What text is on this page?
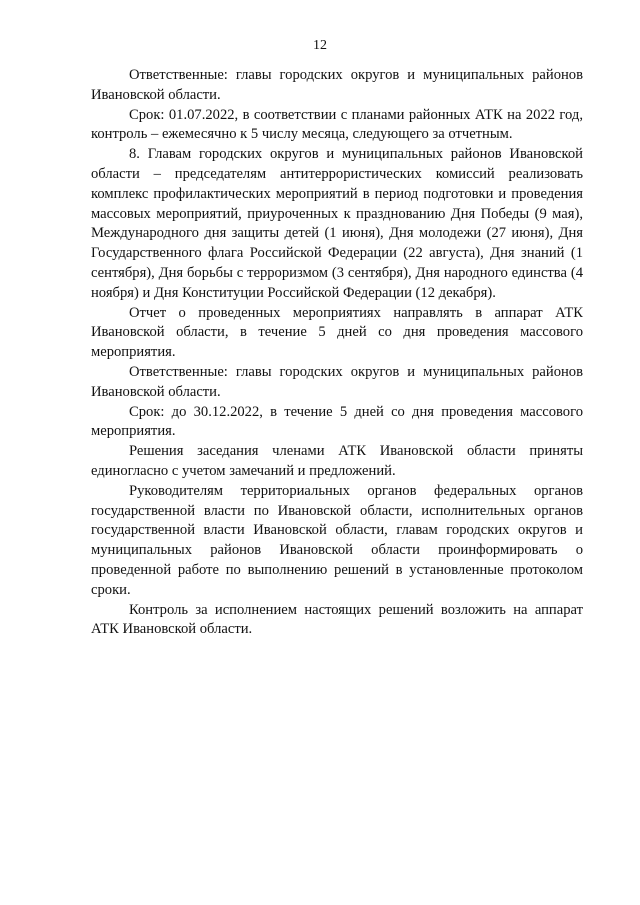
12

Ответственные: главы городских округов и муниципальных районов Ивановской области.

Срок: 01.07.2022, в соответствии с планами районных АТК на 2022 год, контроль – ежемесячно к 5 числу месяца, следующего за отчетным.

8. Главам городских округов и муниципальных районов Ивановской области – председателям антитеррористических комиссий реализовать комплекс профилактических мероприятий в период подготовки и проведения массовых мероприятий, приуроченных к празднованию Дня Победы (9 мая), Международного дня защиты детей (1 июня), Дня молодежи (27 июня), Дня Государственного флага Российской Федерации (22 августа), Дня знаний (1 сентября), Дня борьбы с терроризмом (3 сентября), Дня народного единства (4 ноября) и Дня Конституции Российской Федерации (12 декабря).

Отчет о проведенных мероприятиях направлять в аппарат АТК Ивановской области, в течение 5 дней со дня проведения массового мероприятия.

Ответственные: главы городских округов и муниципальных районов Ивановской области.

Срок: до 30.12.2022, в течение 5 дней со дня проведения массового мероприятия.

Решения заседания членами АТК Ивановской области приняты единогласно с учетом замечаний и предложений.

Руководителям территориальных органов федеральных органов государственной власти по Ивановской области, исполнительных органов государственной власти Ивановской области, главам городских округов и муниципальных районов Ивановской области проинформировать о проведенной работе по выполнению решений в установленные протоколом сроки.

Контроль за исполнением настоящих решений возложить на аппарат АТК Ивановской области.
